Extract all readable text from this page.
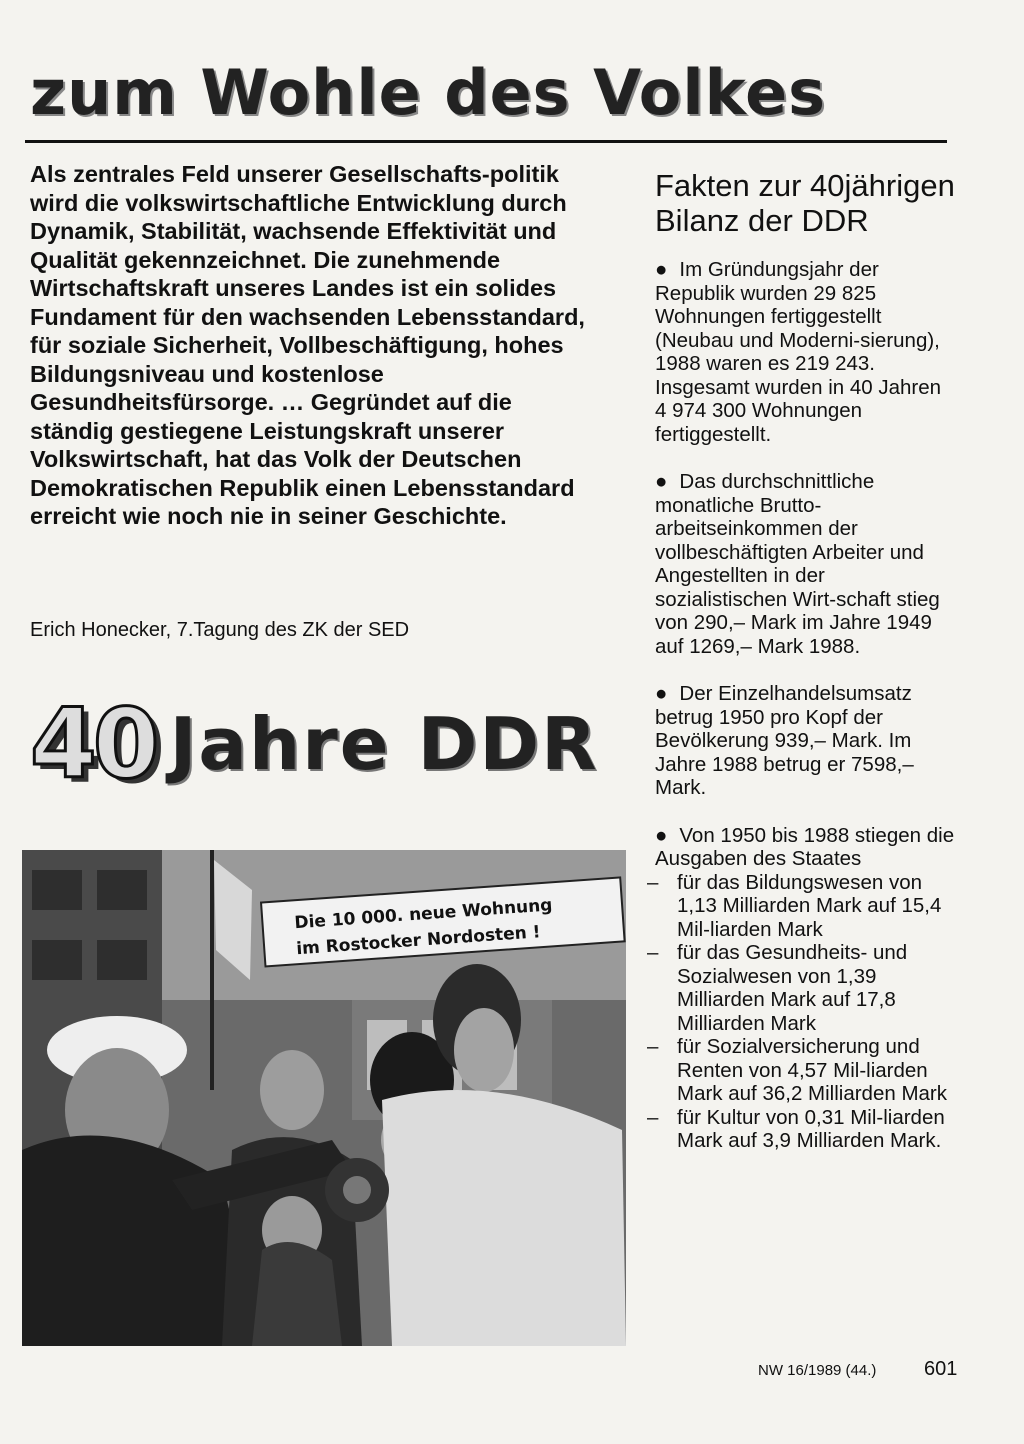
zum Wohle des Volkes
Als zentrales Feld unserer Gesellschafts-politik wird die volkswirtschaftliche Entwicklung durch Dynamik, Stabilität, wachsende Effektivität und Qualität gekennzeichnet. Die zunehmende Wirtschaftskraft unseres Landes ist ein solides Fundament für den wachsenden Lebensstandard, für soziale Sicherheit, Vollbeschäftigung, hohes Bildungsniveau und kostenlose Gesundheitsfürsorge. … Gegründet auf die ständig gestiegene Leistungskraft unserer Volkswirtschaft, hat das Volk der Deutschen Demokratischen Republik einen Lebensstandard erreicht wie noch nie in seiner Geschichte.
Erich Honecker, 7.Tagung des ZK der SED
40 Jahre DDR
Die 10 000. neue Wohnung
im Rostocker Nordosten !
Fakten zur 40jährigen Bilanz der DDR

● Im Gründungsjahr der Republik wurden 29 825 Wohnungen fertiggestellt (Neubau und Moderni-sierung), 1988 waren es 219 243. Insgesamt wurden in 40 Jahren 4 974 300 Wohnungen fertiggestellt.

● Das durchschnittliche monatliche Brutto-arbeitseinkommen der vollbeschäftigten Arbeiter und Angestellten in der sozialistischen Wirt-schaft stieg von 290,– Mark im Jahre 1949 auf 1269,– Mark 1988.

● Der Einzelhandelsumsatz betrug 1950 pro Kopf der Bevölkerung 939,– Mark. Im Jahre 1988 betrug er 7598,– Mark.

● Von 1950 bis 1988 stiegen die Ausgaben des Staates
– für das Bildungswesen von 1,13 Milliarden Mark auf 15,4 Mil-liarden Mark
– für das Gesundheits- und Sozialwesen von 1,39 Milliarden Mark auf 17,8 Milliarden Mark
– für Sozialversicherung und Renten von 4,57 Mil-liarden Mark auf 36,2 Milliarden Mark
– für Kultur von 0,31 Mil-liarden Mark auf 3,9 Milliarden Mark.
NW 16/1989 (44.) 601
